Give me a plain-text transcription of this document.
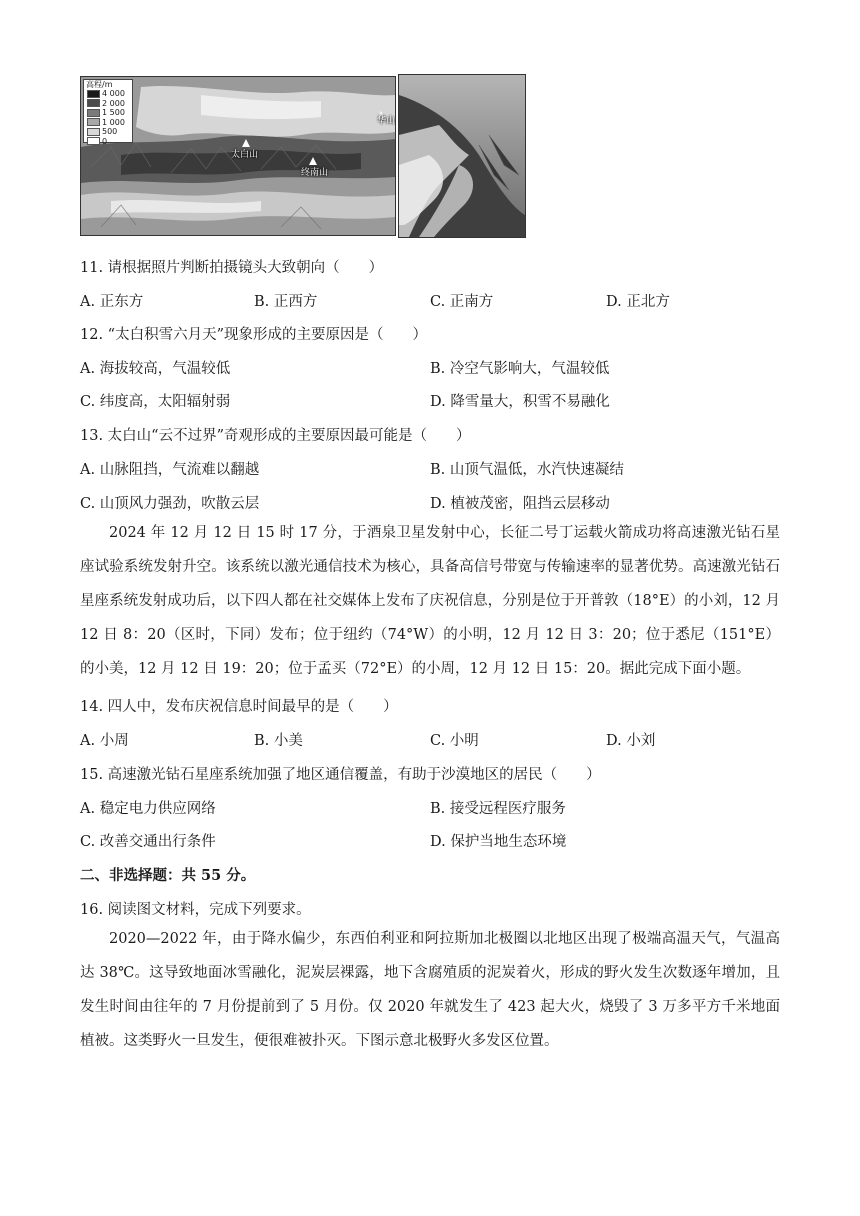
高程/m
4 000
2 000
1 500
1 000
500
0
华山
太白山
终南山
11. 请根据照片判断拍摄镜头大致朝向（　　）
A. 正东方	B. 正西方	C. 正南方	D. 正北方
12. “太白积雪六月天”现象形成的主要原因是（　　）
A. 海拔较高，气温较低	B. 冷空气影响大，气温较低
C. 纬度高，太阳辐射弱	D. 降雪量大，积雪不易融化
13. 太白山“云不过界”奇观形成的主要原因最可能是（　　）
A. 山脉阻挡，气流难以翻越	B. 山顶气温低，水汽快速凝结
C. 山顶风力强劲，吹散云层	D. 植被茂密，阻挡云层移动
2024 年 12 月 12 日 15 时 17 分，于酒泉卫星发射中心，长征二号丁运载火箭成功将高速激光钻石星座试验系统发射升空。该系统以激光通信技术为核心，具备高信号带宽与传输速率的显著优势。高速激光钻石星座系统发射成功后，以下四人都在社交媒体上发布了庆祝信息，分别是位于开普敦（18°E）的小刘，12 月 12 日 8：20（区时，下同）发布；位于纽约（74°W）的小明，12 月 12 日 3：20；位于悉尼（151°E）的小美，12 月 12 日 19：20；位于孟买（72°E）的小周，12 月 12 日 15：20。据此完成下面小题。
14. 四人中，发布庆祝信息时间最早的是（　　）
A. 小周	B. 小美	C. 小明	D. 小刘
15. 高速激光钻石星座系统加强了地区通信覆盖，有助于沙漠地区的居民（　　）
A. 稳定电力供应网络	B. 接受远程医疗服务
C. 改善交通出行条件	D. 保护当地生态环境
二、非选择题：共 55 分。
16. 阅读图文材料，完成下列要求。
2020—2022 年，由于降水偏少，东西伯利亚和阿拉斯加北极圈以北地区出现了极端高温天气，气温高达 38℃。这导致地面冰雪融化，泥炭层裸露，地下含腐殖质的泥炭着火，形成的野火发生次数逐年增加，且发生时间由往年的 7 月份提前到了 5 月份。仅 2020 年就发生了 423 起大火，烧毁了 3 万多平方千米地面植被。这类野火一旦发生，便很难被扑灭。下图示意北极野火多发区位置。
